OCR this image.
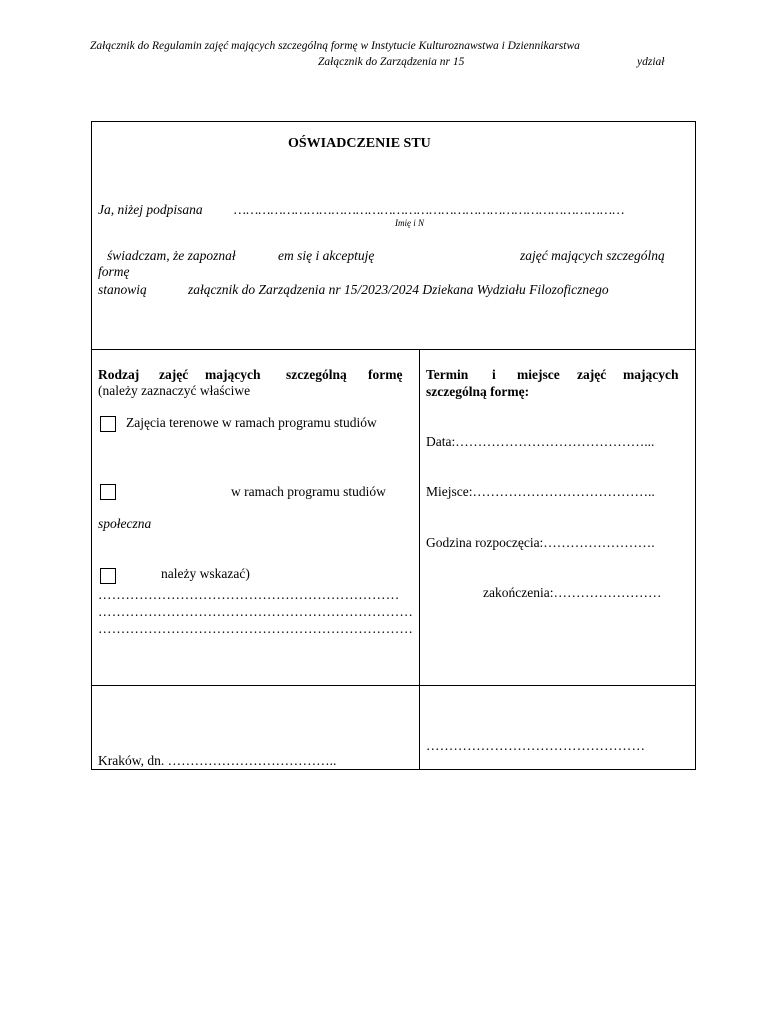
Załącznik do Regulamin zajęć mających szczególną formę w Instytucie Kulturoznawstwa i Dziennikarstwa
Załącznik do Zarządzenia nr 15	ydział
OŚWIADCZENIE STU
Ja, niżej podpisana ……………………………………………………………………………………
Imię i N
świadczam, że zapoznał	em się i akceptuję	zajęć mających szczególną
formę
stanowią	załącznik do Zarządzenia nr 15/2023/2024 Dziekana Wydziału Filozoficznego
Rodzaj zajęć mających szczególną formę
(należy zaznaczyć właściwe
Zajęcia terenowe w ramach programu studiów
w ramach programu studiów
społeczna
należy wskazać)
…………………………………………………………
……………………………………………………………
……………………………………………………………
Termin i miejsce zajęć mających
szczególną formę:
Data:……………………………………...
Miejsce:…………………………………..
Godzina rozpoczęcia:…………………….
zakończenia:……………………
Kraków, dn. ………………………………..
…………………………………………
